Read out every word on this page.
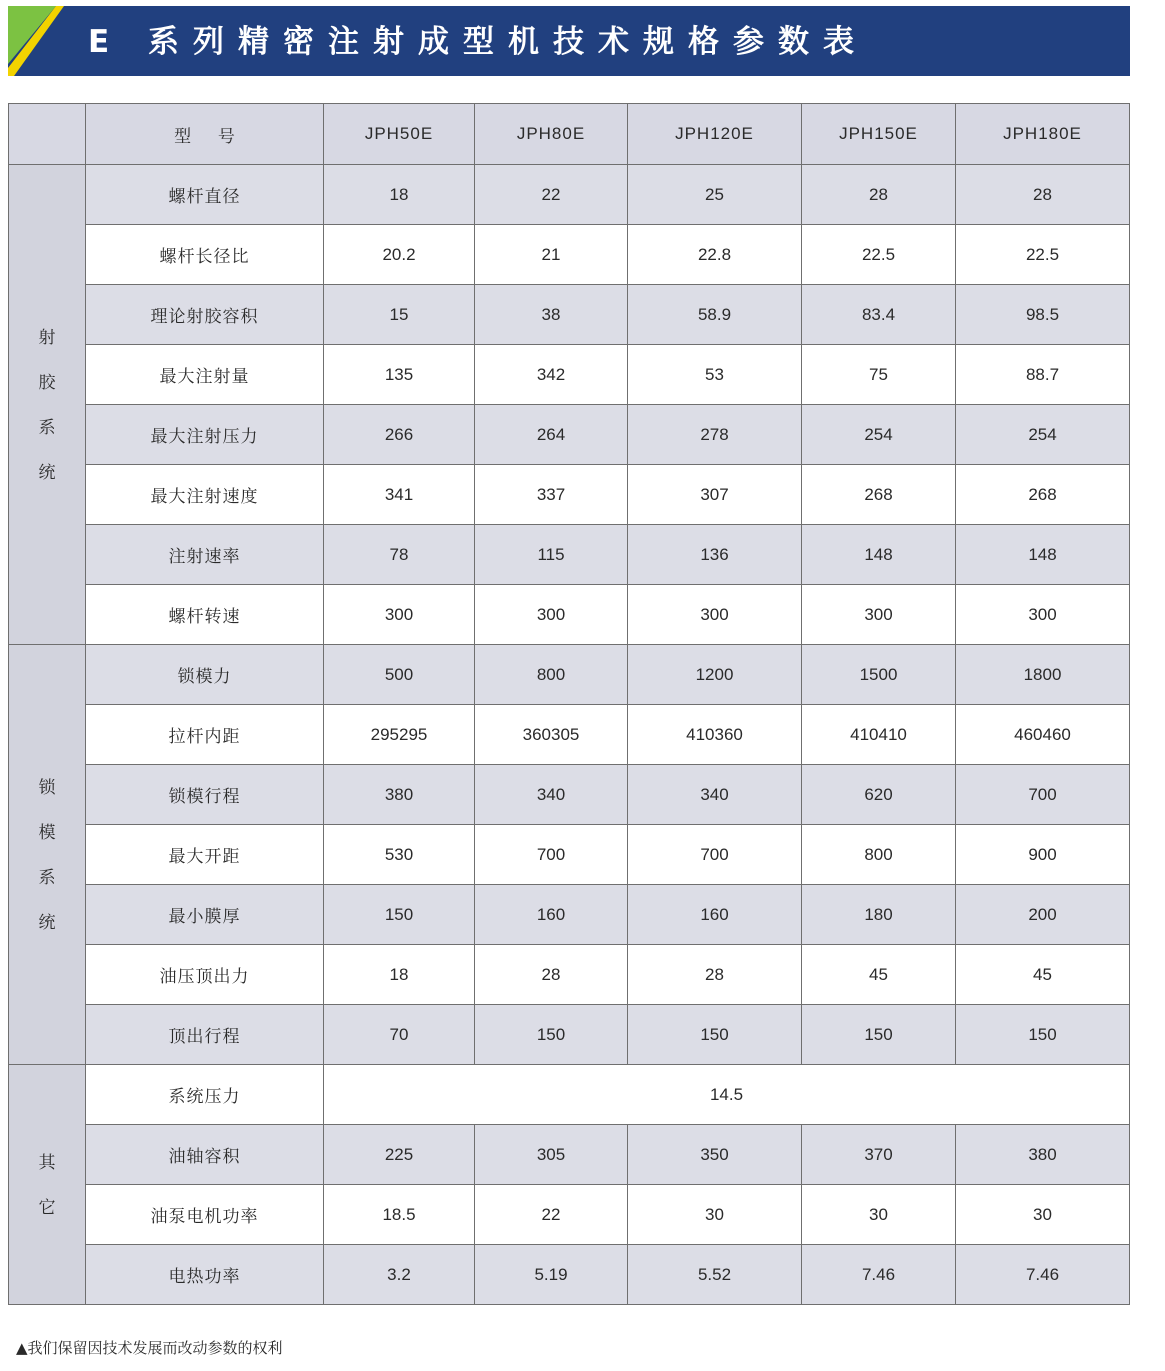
E 系列精密注射成型机技术规格参数表
	型 号	JPH50E	JPH80E	JPH120E	JPH150E	JPH180E
射
胶
系
统	螺杆直径	18	22	25	28	28
	螺杆长径比	20.2	21	22.8	22.5	22.5
	理论射胶容积	15	38	58.9	83.4	98.5
	最大注射量	135	342	53	75	88.7
	最大注射压力	266	264	278	254	254
	最大注射速度	341	337	307	268	268
	注射速率	78	115	136	148	148
	螺杆转速	300	300	300	300	300
锁
模
系
统	锁模力	500	800	1200	1500	1800
	拉杆内距	295295	360305	410360	410410	460460
	锁模行程	380	340	340	620	700
	最大开距	530	700	700	800	900
	最小膜厚	150	160	160	180	200
	油压顶出力	18	28	28	45	45
	顶出行程	70	150	150	150	150
其
它	系统压力	14.5				
	油轴容积	225	305	350	370	380
	油泵电机功率	18.5	22	30	30	30
	电热功率	3.2	5.19	5.52	7.46	7.46
▲我们保留因技术发展而改动参数的权利
